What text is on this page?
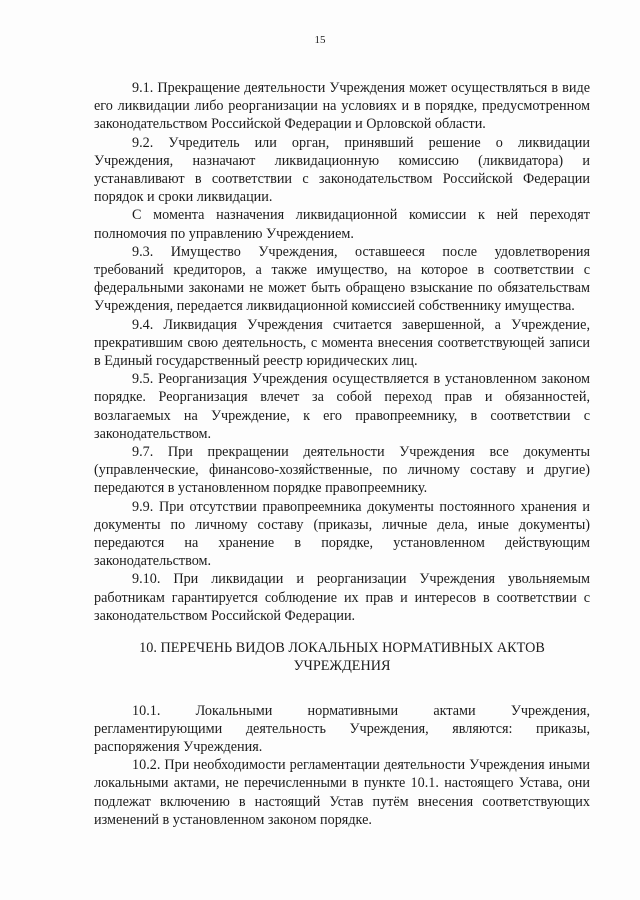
15

9.1. Прекращение деятельности Учреждения может осуществляться в виде его ликвидации либо реорганизации на условиях и в порядке, предусмотренном законодательством Российской Федерации и Орловской области.

9.2. Учредитель или орган, принявший решение о ликвидации Учреждения, назначают ликвидационную комиссию (ликвидатора) и устанавливают в соответствии с законодательством Российской Федерации порядок и сроки ликвидации.

С момента назначения ликвидационной комиссии к ней переходят полномочия по управлению Учреждением.

9.3. Имущество Учреждения, оставшееся после удовлетворения требований кредиторов, а также имущество, на которое в соответствии с федеральными законами не может быть обращено взыскание по обязательствам Учреждения, передается ликвидационной комиссией собственнику имущества.

9.4. Ликвидация Учреждения считается завершенной, а Учреждение, прекратившим свою деятельность, с момента внесения соответствующей записи в Единый государственный реестр юридических лиц.

9.5. Реорганизация Учреждения осуществляется в установленном законом порядке. Реорганизация влечет за собой переход прав и обязанностей, возлагаемых на Учреждение, к его правопреемнику, в соответствии с законодательством.

9.7. При прекращении деятельности Учреждения все документы (управленческие, финансово-хозяйственные, по личному составу и другие) передаются в установленном порядке правопреемнику.

9.9. При отсутствии правопреемника документы постоянного хранения и документы по личному составу (приказы, личные дела, иные документы) передаются на хранение в порядке, установленном действующим законодательством.

9.10. При ликвидации и реорганизации Учреждения увольняемым работникам гарантируется соблюдение их прав и интересов в соответствии с законодательством Российской Федерации.

10. ПЕРЕЧЕНЬ ВИДОВ ЛОКАЛЬНЫХ НОРМАТИВНЫХ АКТОВ
УЧРЕЖДЕНИЯ

10.1. Локальными нормативными актами Учреждения, регламентирующими деятельность Учреждения, являются: приказы, распоряжения Учреждения.

10.2. При необходимости регламентации деятельности Учреждения иными локальными актами, не перечисленными в пункте 10.1. настоящего Устава, они подлежат включению в настоящий Устав путём внесения соответствующих изменений в установленном законом порядке.
